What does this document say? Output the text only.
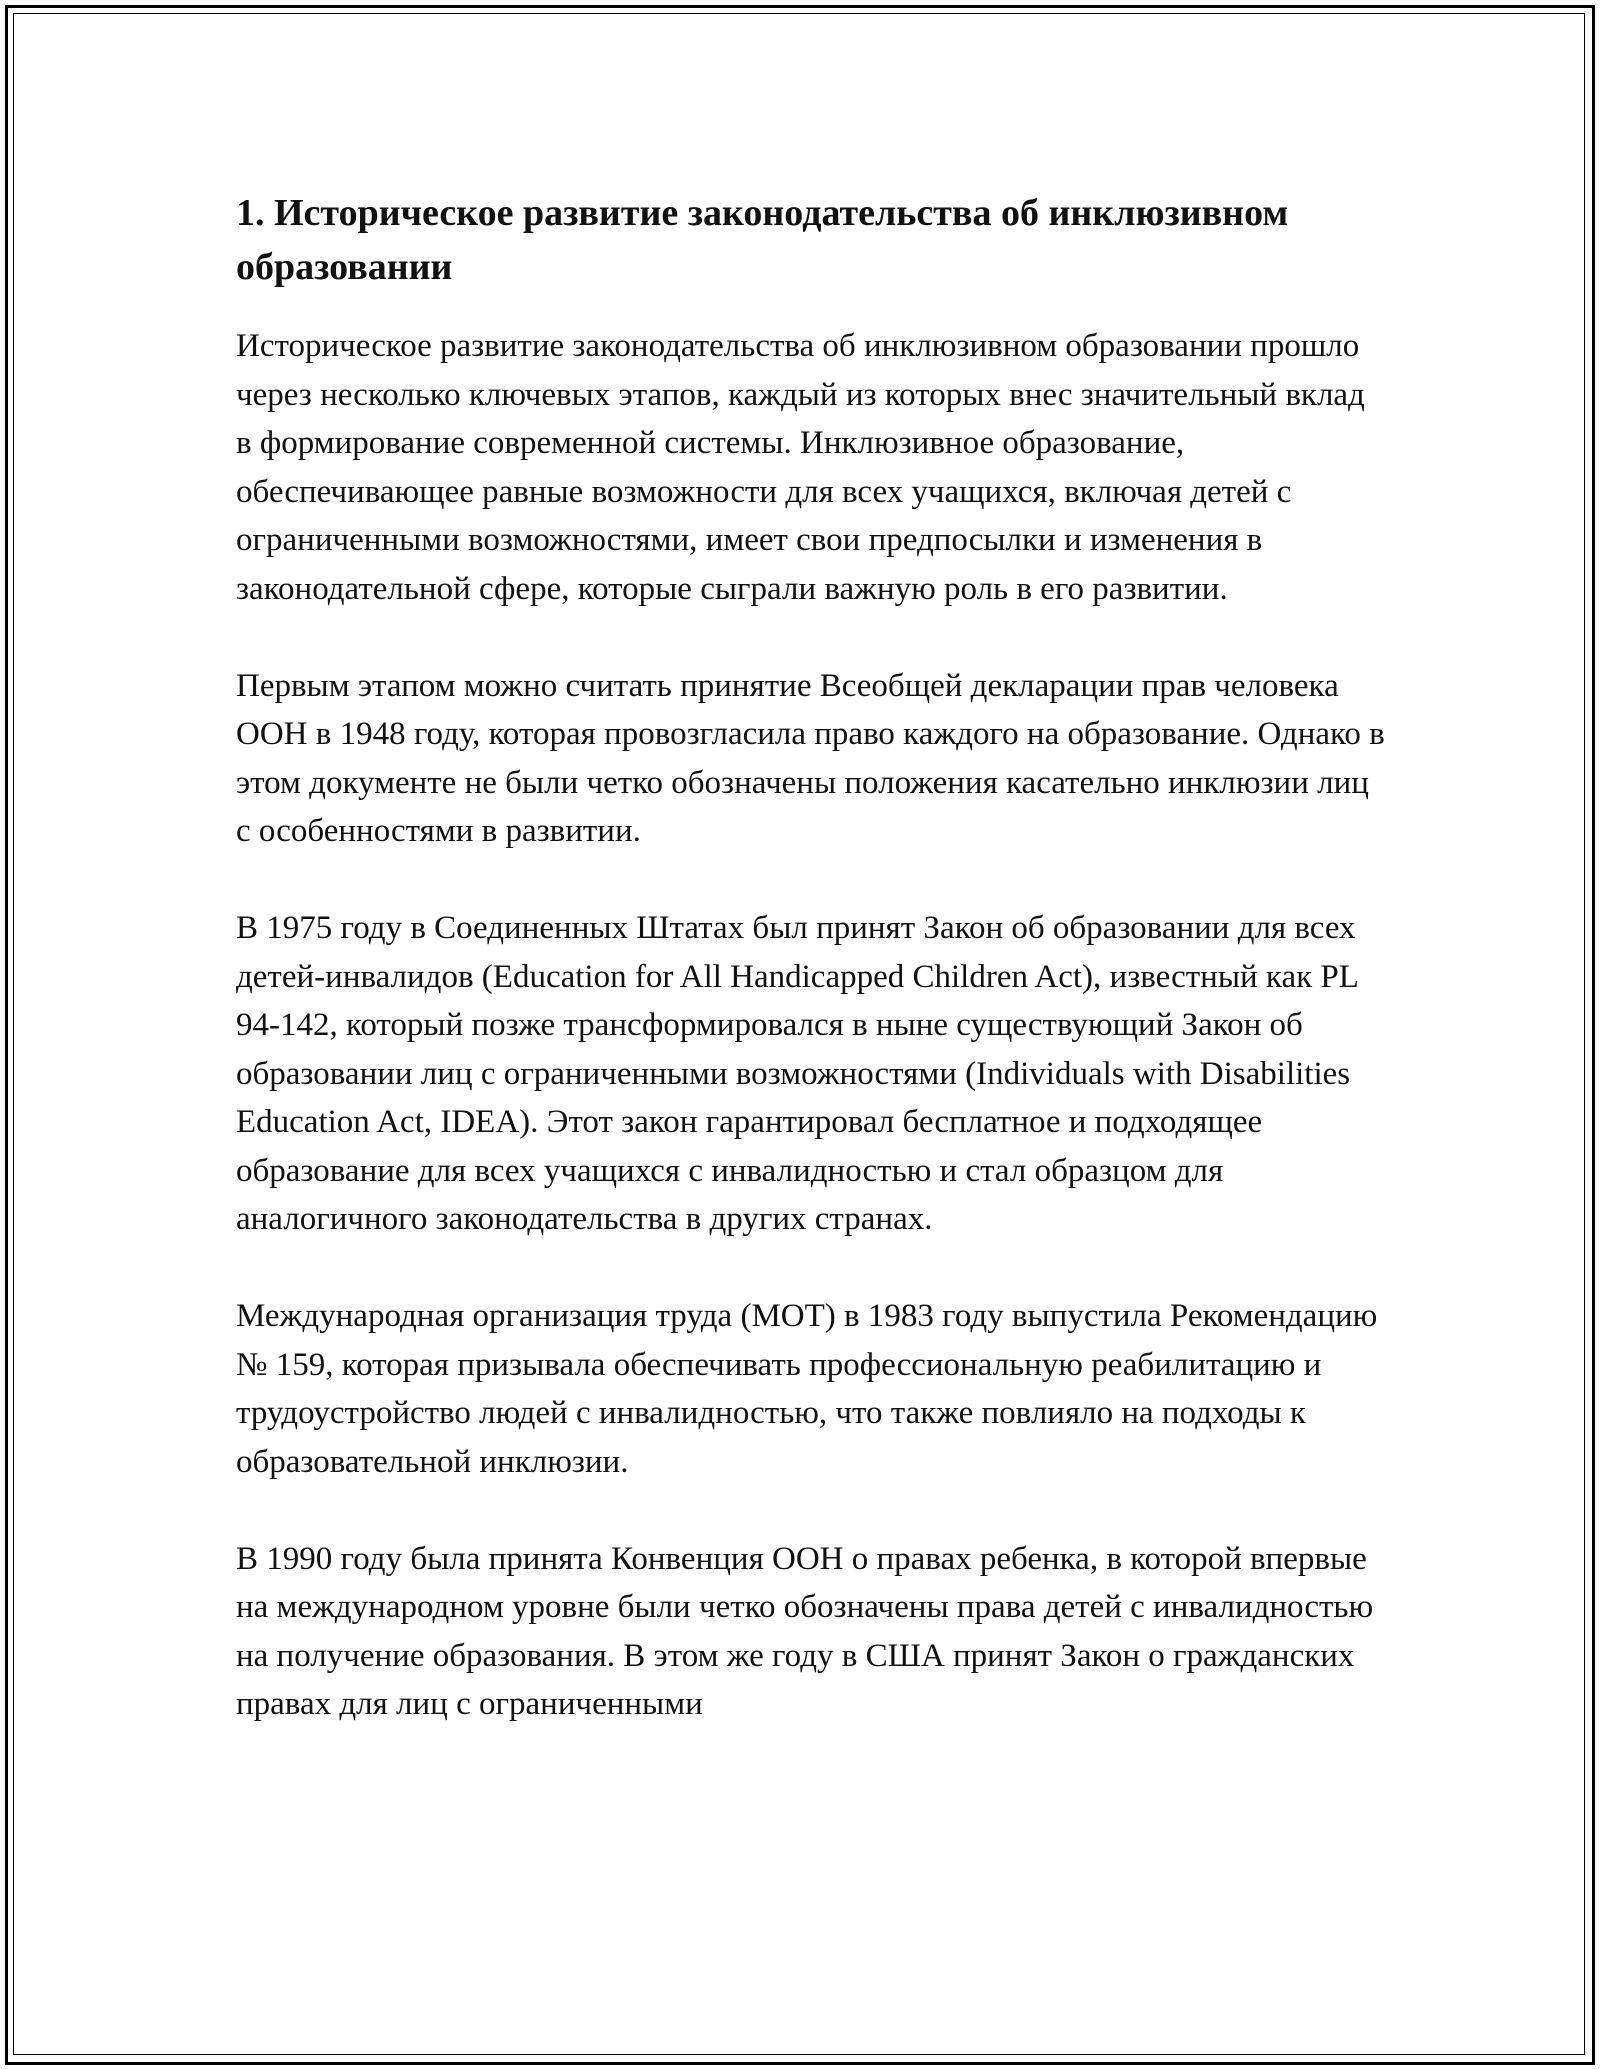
1. Историческое развитие законодательства об инклюзивном образовании

Историческое развитие законодательства об инклюзивном образовании прошло через несколько ключевых этапов, каждый из которых внес значительный вклад в формирование современной системы. Инклюзивное образование, обеспечивающее равные возможности для всех учащихся, включая детей с ограниченными возможностями, имеет свои предпосылки и изменения в законодательной сфере, которые сыграли важную роль в его развитии.

Первым этапом можно считать принятие Всеобщей декларации прав человека ООН в 1948 году, которая провозгласила право каждого на образование. Однако в этом документе не были четко обозначены положения касательно инклюзии лиц с особенностями в развитии.

В 1975 году в Соединенных Штатах был принят Закон об образовании для всех детей-инвалидов (Education for All Handicapped Children Act), известный как PL 94-142, который позже трансформировался в ныне существующий Закон об образовании лиц с ограниченными возможностями (Individuals with Disabilities Education Act, IDEA). Этот закон гарантировал бесплатное и подходящее образование для всех учащихся с инвалидностью и стал образцом для аналогичного законодательства в других странах.

Международная организация труда (МОТ) в 1983 году выпустила Рекомендацию № 159, которая призывала обеспечивать профессиональную реабилитацию и трудоустройство людей с инвалидностью, что также повлияло на подходы к образовательной инклюзии.

В 1990 году была принята Конвенция ООН о правах ребенка, в которой впервые на международном уровне были четко обозначены права детей с инвалидностью на получение образования. В этом же году в США принят Закон о гражданских правах для лиц с ограниченными
